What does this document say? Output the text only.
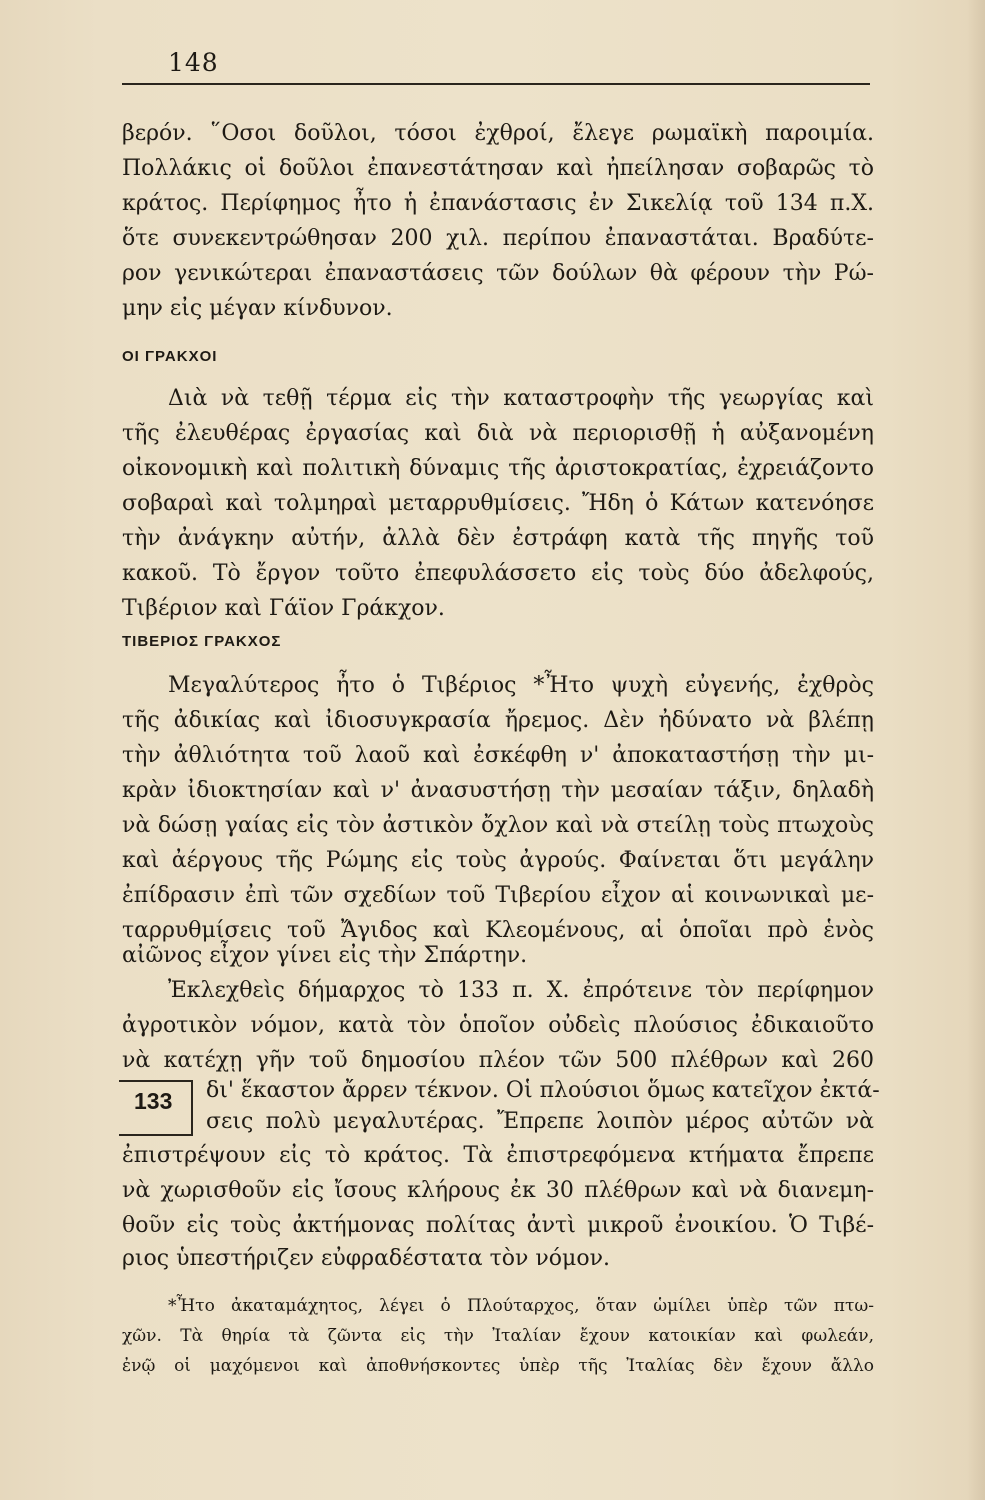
148
βερόν. ῞Οσοι δοῦλοι, τόσοι ἐχθροί, ἔλεγε ρωμαϊκὴ παροιμία.
Πολλάκις οἱ δοῦλοι ἐπανεστάτησαν καὶ ἠπείλησαν σοβαρῶς τὸ
κράτος. Περίφημος ἦτο ἡ ἐπανάστασις ἐν Σικελίᾳ τοῦ 134 π.Χ.
ὅτε συνεκεντρώθησαν 200 χιλ. περίπου ἐπαναστάται. Βραδύτε-
ρον γενικώτεραι ἐπαναστάσεις τῶν δούλων θὰ φέρουν τὴν Ρώ-
μην εἰς μέγαν κίνδυνον.
ΟΙ ΓΡΑΚΧΟΙ
Διὰ νὰ τεθῇ τέρμα εἰς τὴν καταστροφὴν τῆς γεωργίας καὶ
τῆς ἐλευθέρας ἐργασίας καὶ διὰ νὰ περιορισθῇ ἡ αὐξανομένη
οἰκονομικὴ καὶ πολιτικὴ δύναμις τῆς ἀριστοκρατίας, ἐχρειάζοντο
σοβαραὶ καὶ τολμηραὶ μεταρρυθμίσεις. Ἤδη ὁ Κάτων κατενόησε
τὴν ἀνάγκην αὐτήν, ἀλλὰ δὲν ἐστράφη κατὰ τῆς πηγῆς τοῦ
κακοῦ. Τὸ ἔργον τοῦτο ἐπεφυλάσσετο εἰς τοὺς δύο ἀδελφούς,
Τιβέριον καὶ Γάϊον Γράκχον.
ΤΙΒΕΡΙΟΣ ΓΡΑΚΧΟΣ
Μεγαλύτερος ἦτο ὁ Τιβέριος *Ἦτο ψυχὴ εὐγενής, ἐχθρὸς
τῆς ἀδικίας καὶ ἰδιοσυγκρασία ἤρεμος. Δὲν ἠδύνατο νὰ βλέπῃ
τὴν ἀθλιότητα τοῦ λαοῦ καὶ ἐσκέφθη ν' ἀποκαταστήσῃ τὴν μι-
κρὰν ἰδιοκτησίαν καὶ ν' ἀνασυστήσῃ τὴν μεσαίαν τάξιν, δηλαδὴ
νὰ δώσῃ γαίας εἰς τὸν ἀστικὸν ὄχλον καὶ νὰ στείλῃ τοὺς πτωχοὺς
καὶ ἀέργους τῆς Ρώμης εἰς τοὺς ἀγρούς. Φαίνεται ὅτι μεγάλην
ἐπίδρασιν ἐπὶ τῶν σχεδίων τοῦ Τιβερίου εἶχον αἱ κοινωνικαὶ με-
ταρρυθμίσεις τοῦ Ἄγιδος καὶ Κλεομένους, αἱ ὁποῖαι πρὸ ἑνὸς
αἰῶνος εἶχον γίνει εἰς τὴν Σπάρτην.
Ἐκλεχθεὶς δήμαρχος τὸ 133 π. Χ. ἐπρότεινε τὸν περίφημον
ἀγροτικὸν νόμον, κατὰ τὸν ὁποῖον οὐδεὶς πλούσιος ἐδικαιοῦτο
νὰ κατέχῃ γῆν τοῦ δημοσίου πλέον τῶν 500 πλέθρων καὶ 260
133 δι' ἕκαστον ἄρρεν τέκνον. Οἱ πλούσιοι ὅμως κατεῖχον ἐκτά-
σεις πολὺ μεγαλυτέρας. Ἔπρεπε λοιπὸν μέρος αὐτῶν νὰ
ἐπιστρέψουν εἰς τὸ κράτος. Τὰ ἐπιστρεφόμενα κτήματα ἔπρεπε
νὰ χωρισθοῦν εἰς ἴσους κλήρους ἐκ 30 πλέθρων καὶ νὰ διανεμη-
θοῦν εἰς τοὺς ἀκτήμονας πολίτας ἀντὶ μικροῦ ἐνοικίου. Ὁ Τιβέ-
ριος ὑπεστήριζεν εὐφραδέστατα τὸν νόμον.
*Ἦτο ἀκαταμάχητος, λέγει ὁ Πλούταρχος, ὅταν ὡμίλει ὑπὲρ τῶν πτω-
χῶν. Τὰ θηρία τὰ ζῶντα εἰς τὴν Ἰταλίαν ἔχουν κατοικίαν καὶ φωλεάν,
ἐνῷ οἱ μαχόμενοι καὶ ἀποθνήσκοντες ὑπὲρ τῆς Ἰταλίας δὲν ἔχουν ἄλλο
